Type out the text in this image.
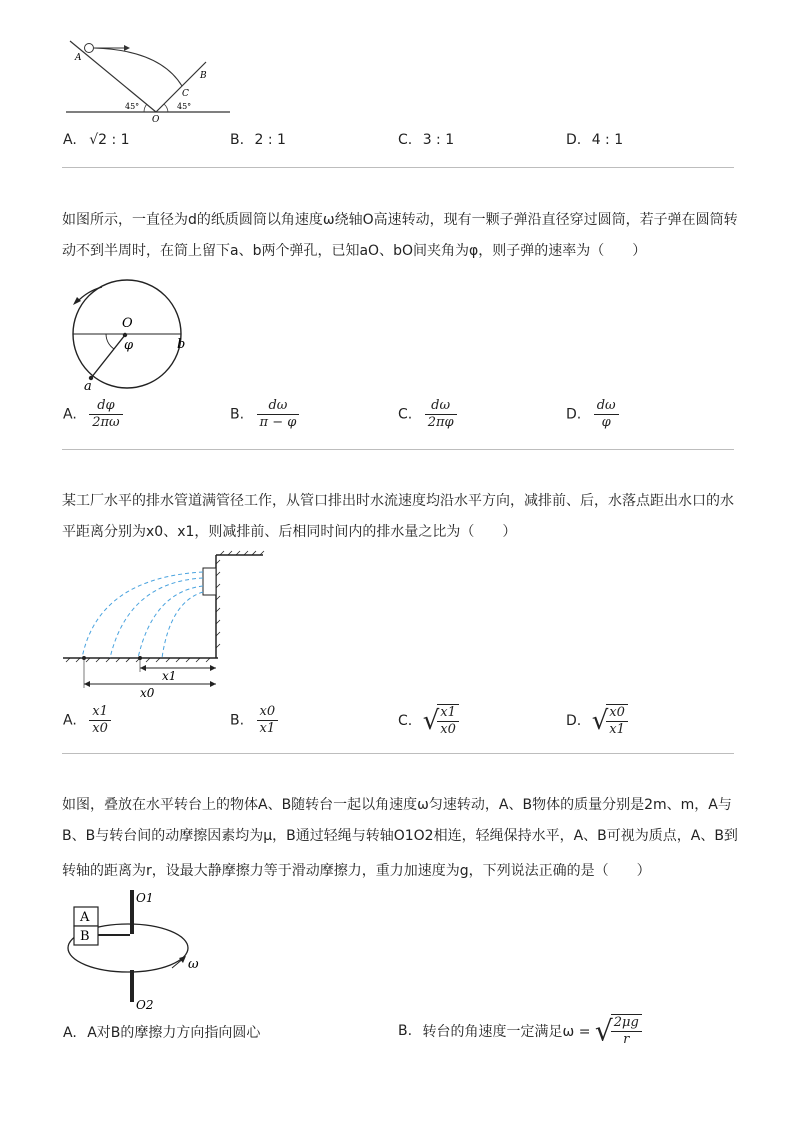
A
B
C
O
45°	45°
A. √2 : 1	B. 2 : 1	C. 3 : 1	D. 4 : 1
如图所示，一直径为d的纸质圆筒以角速度ω绕轴O高速转动，现有一颗子弹沿直径穿过圆筒，若子弹在圆筒转
动不到半周时，在筒上留下a、b两个弹孔，已知aO、bO间夹角为φ，则子弹的速率为（　　）
O
φ
a
b
A. $\frac{d\varphi}{2\pi\omega}$	B. $\frac{d\omega}{\pi - \varphi}$	C. $\frac{d\omega}{2\pi\varphi}$	D. $\frac{d\omega}{\varphi}$
某工厂水平的排水管道满管径工作，从管口排出时水流速度均沿水平方向，减排前、后，水落点距出水口的水
平距离分别为x0、x1，则减排前、后相同时间内的排水量之比为（　　）
x1
x0
A. $\frac{x1}{x0}$	B. $\frac{x0}{x1}$	C. √
$\frac{x1}{x0}$	D. √
$\frac{x0}{x1}$
如图，叠放在水平转台上的物体A、B随转台一起以角速度ω匀速转动，A、B物体的质量分别是2m、m，A与
B、B与转台间的动摩擦因素均为μ，B通过轻绳与转轴O1O2相连，轻绳保持水平，A、B可视为质点，A、B到
转轴的距离为r，设最大静摩擦力等于滑动摩擦力，重力加速度为g，下列说法正确的是（　　）
A
B
O1
O2
ω
A. A对B的摩擦力方向指向圆心	B. 转台的角速度一定满足ω = √
$\frac{2\mu g}{r}$
